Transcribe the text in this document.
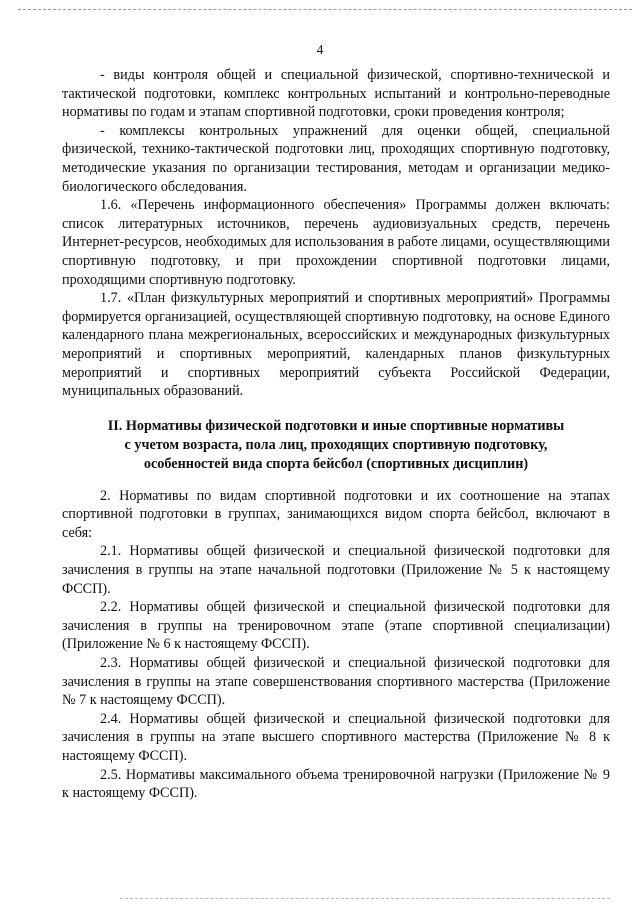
4

- виды контроля общей и специальной физической, спортивно-технической и тактической подготовки, комплекс контрольных испытаний и контрольно-переводные нормативы по годам и этапам спортивной подготовки, сроки проведения контроля;

- комплексы контрольных упражнений для оценки общей, специальной физической, технико-тактической подготовки лиц, проходящих спортивную подготовку, методические указания по организации тестирования, методам и организации медико-биологического обследования.

1.6. «Перечень информационного обеспечения» Программы должен включать: список литературных источников, перечень аудиовизуальных средств, перечень Интернет-ресурсов, необходимых для использования в работе лицами, осуществляющими спортивную подготовку, и при прохождении спортивной подготовки лицами, проходящими спортивную подготовку.

1.7. «План физкультурных мероприятий и спортивных мероприятий» Программы формируется организацией, осуществляющей спортивную подготовку, на основе Единого календарного плана межрегиональных, всероссийских и международных физкультурных мероприятий и спортивных мероприятий, календарных планов физкультурных мероприятий и спортивных мероприятий субъекта Российской Федерации, муниципальных образований.

II. Нормативы физической подготовки и иные спортивные нормативы
с учетом возраста, пола лиц, проходящих спортивную подготовку,
особенностей вида спорта бейсбол (спортивных дисциплин)

2. Нормативы по видам спортивной подготовки и их соотношение на этапах спортивной подготовки в группах, занимающихся видом спорта бейсбол, включают в себя:

2.1. Нормативы общей физической и специальной физической подготовки для зачисления в группы на этапе начальной подготовки (Приложение № 5 к настоящему ФССП).

2.2. Нормативы общей физической и специальной физической подготовки для зачисления в группы на тренировочном этапе (этапе спортивной специализации) (Приложение № 6 к настоящему ФССП).

2.3. Нормативы общей физической и специальной физической подготовки для зачисления в группы на этапе совершенствования спортивного мастерства (Приложение № 7 к настоящему ФССП).

2.4. Нормативы общей физической и специальной физической подготовки для зачисления в группы на этапе высшего спортивного мастерства (Приложение № 8 к настоящему ФССП).

2.5. Нормативы максимального объема тренировочной нагрузки (Приложение № 9 к настоящему ФССП).
